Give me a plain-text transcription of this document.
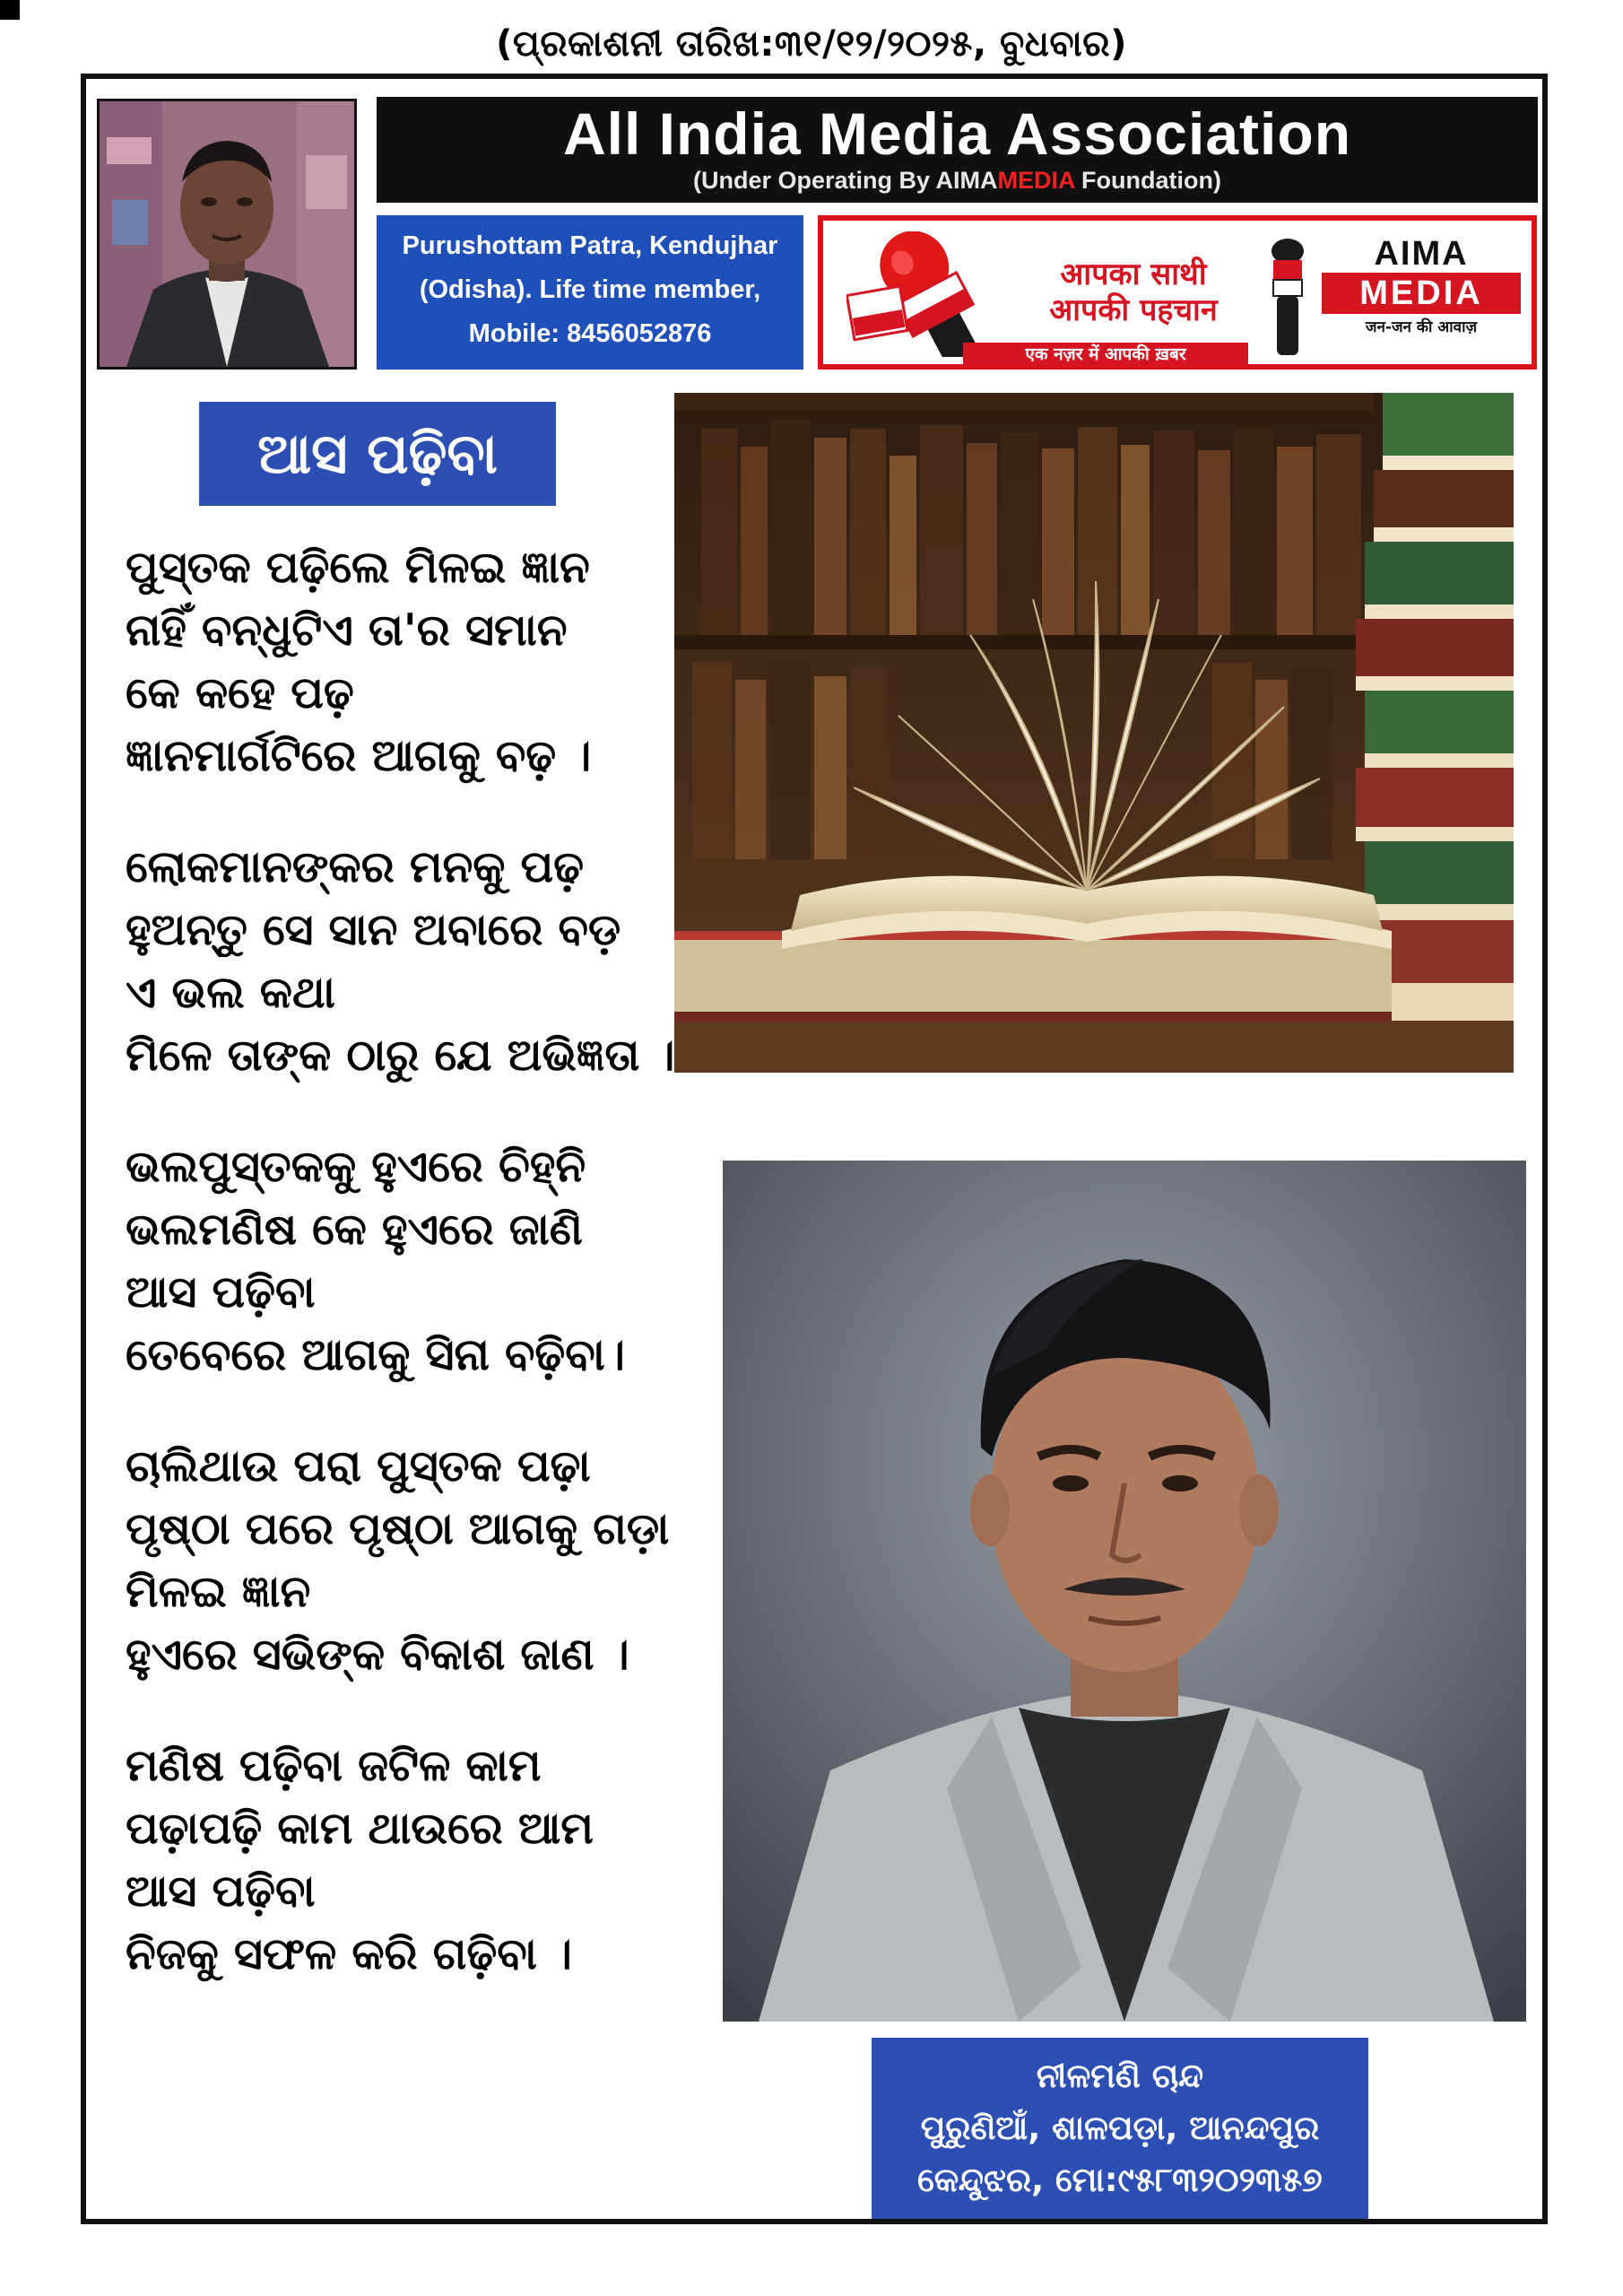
(ପ୍ରକାଶନୀ ତାରିଖ:୩୧/୧୨/୨୦୨୫, ବୁଧବାର)
All India Media Association
(Under Operating By AIMAMEDIA Foundation)
Purushottam Patra, Kendujhar
(Odisha). Life time member,
Mobile: 8456052876
आपका साथी
आपकी पहचान
एक नज़र में आपकी ख़बर
AIMA
MEDIA
जन-जन की आवाज़
ଆସ ପଢ଼ିବା
ପୁସ୍ତକ ପଢ଼ିଲେ ମିଳଇ ଜ୍ଞାନ
ନାହିଁ ବନ୍ଧୁଟିଏ ତା'ର ସମାନ
କେ କହେ ପଢ଼
ଜ୍ଞାନମାର୍ଗଟିରେ ଆଗକୁ ବଢ଼ ।
ଲୋକମାନଙ୍କର ମନକୁ ପଢ଼
ହୁଅନ୍ତୁ ସେ ସାନ ଅବାରେ ବଡ଼
ଏ ଭଲ କଥା
ମିଳେ ତାଙ୍କ ଠାରୁ ଯେ ଅଭିଜ୍ଞତା ।
ଭଲପୁସ୍ତକକୁ ହୁଏରେ ଚିହ୍ନି
ଭଲମଣିଷ କେ ହୁଏରେ ଜାଣି
ଆସ ପଢ଼ିବା
ତେବେରେ ଆଗକୁ ସିନା ବଢ଼ିବା।
ଚାଲିଥାଉ ପରା ପୁସ୍ତକ ପଢ଼ା
ପୃଷ୍ଠା ପରେ ପୃଷ୍ଠା ଆଗକୁ ଗଡ଼ା
ମିଳଇ ଜ୍ଞାନ
ହୁଏରେ ସଭିଙ୍କ ବିକାଶ ଜାଣ ।
ମଣିଷ ପଢ଼ିବା ଜଟିଳ କାମ
ପଢ଼ାପଢ଼ି କାମ ଥାଉରେ ଆମ
ଆସ ପଢ଼ିବା
ନିଜକୁ ସଫଳ କରି ଗଢ଼ିବା ।
ନୀଳମଣି ଚାନ୍ଦ
ପୁରୁଣିଆଁ, ଶାଳପଡ଼ା, ଆନନ୍ଦପୁର
କେନ୍ଦୁଝର, ମୋ:୯୫୮୩୨୦୨୩୫୭
